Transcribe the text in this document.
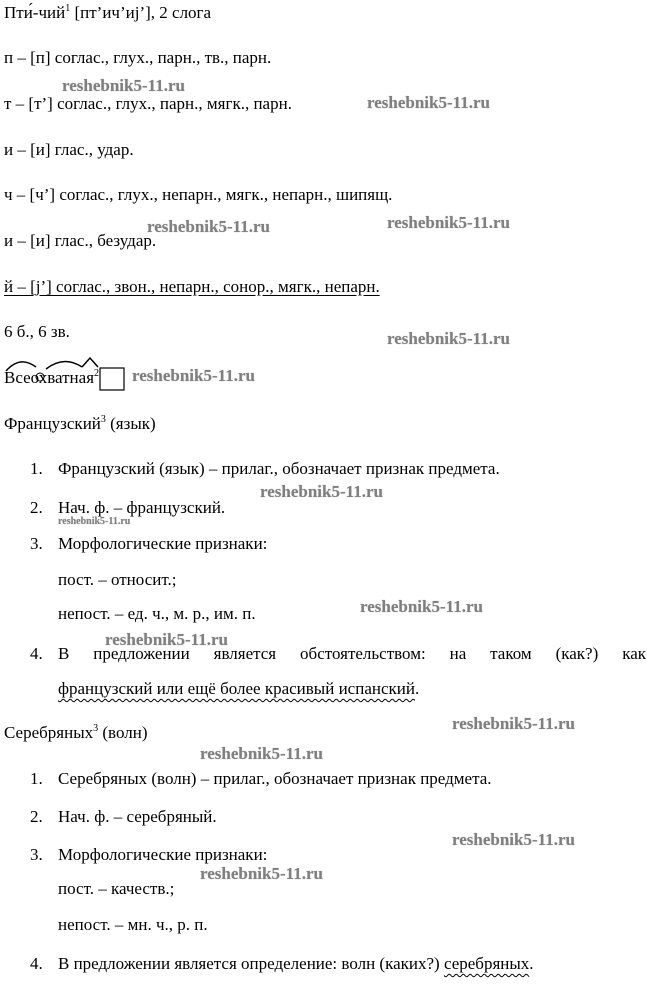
Пти́-чий$^1$ [пт’ич’иj’], 2 слога
п – [п] соглас., глух., парн., тв., парн.
т – [т’] соглас., глух., парн., мягк., парн.
и – [и] глас., удар.
ч – [ч’] соглас., глух., непарн., мягк., непарн., шипящ.
и – [и] глас., безудар.
й – [j’] соглас., звон., непарн., сонор., мягк., непарн.
6 б., 6 зв.
Всеохватная$^2$
Французский$^3$ (язык)
1. Французский (язык) – прилаг., обозначает признак предмета.
2. Нач. ф. – французский.
3. Морфологические признаки:
пост. – относит.;
непост. – ед. ч., м. р., им. п.
4. В предложении является обстоятельством: на таком (как?) как
французский или ещё более красивый испанский.
Серебряных$^3$ (волн)
1. Серебряных (волн) – прилаг., обозначает признак предмета.
2. Нач. ф. – серебряный.
3. Морфологические признаки:
пост. – качеств.;
непост. – мн. ч., р. п.
4. В предложении является определение: волн (каких?) серебряных.
reshebnik5-11.ru
reshebnik5-11.ru
reshebnik5-11.ru	reshebnik5-11.ru
reshebnik5-11.ru
reshebnik5-11.ru
reshebnik5-11.ru
reshebnik5-11.ru
reshebnik5-11.ru
reshebnik5-11.ru
reshebnik5-11.ru
reshebnik5-11.ru
reshebnik5-11.ru
reshebnik5-11.ru
